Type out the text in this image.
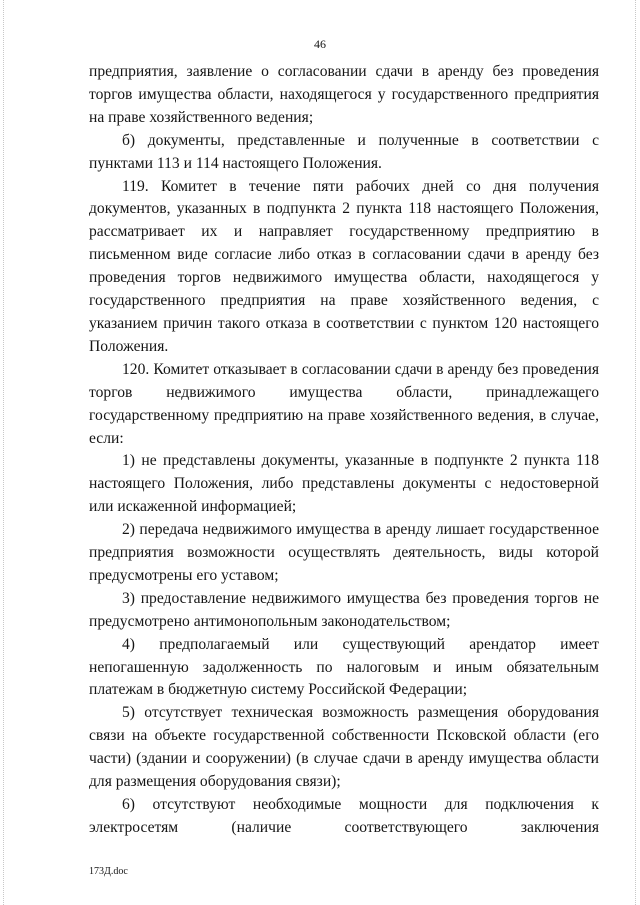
46

предприятия, заявление о согласовании сдачи в аренду без проведения торгов имущества области, находящегося у государственного предприятия на праве хозяйственного ведения;

б) документы, представленные и полученные в соответствии с пунктами 113 и 114 настоящего Положения.

119. Комитет в течение пяти рабочих дней со дня получения документов, указанных в подпункта 2 пункта 118 настоящего Положения, рассматривает их и направляет государственному предприятию в письменном виде согласие либо отказ в согласовании сдачи в аренду без проведения торгов недвижимого имущества области, находящегося у государственного предприятия на праве хозяйственного ведения, с указанием причин такого отказа в соответствии с пунктом 120 настоящего Положения.

120. Комитет отказывает в согласовании сдачи в аренду без проведения торгов недвижимого имущества области, принадлежащего государственному предприятию на праве хозяйственного ведения, в случае, если:

1) не представлены документы, указанные в подпункте 2 пункта 118 настоящего Положения, либо представлены документы с недостоверной или искаженной информацией;

2) передача недвижимого имущества в аренду лишает государственное предприятия возможности осуществлять деятельность, виды которой предусмотрены его уставом;

3) предоставление недвижимого имущества без проведения торгов не предусмотрено антимонопольным законодательством;

4) предполагаемый или существующий арендатор имеет непогашенную задолженность по налоговым и иным обязательным платежам в бюджетную систему Российской Федерации;

5) отсутствует техническая возможность размещения оборудования связи на объекте государственной собственности Псковской области (его части) (здании и сооружении) (в случае сдачи в аренду имущества области для размещения оборудования связи);

6) отсутствуют необходимые мощности для подключения к электросетям (наличие соответствующего заключения

173Д.doc
